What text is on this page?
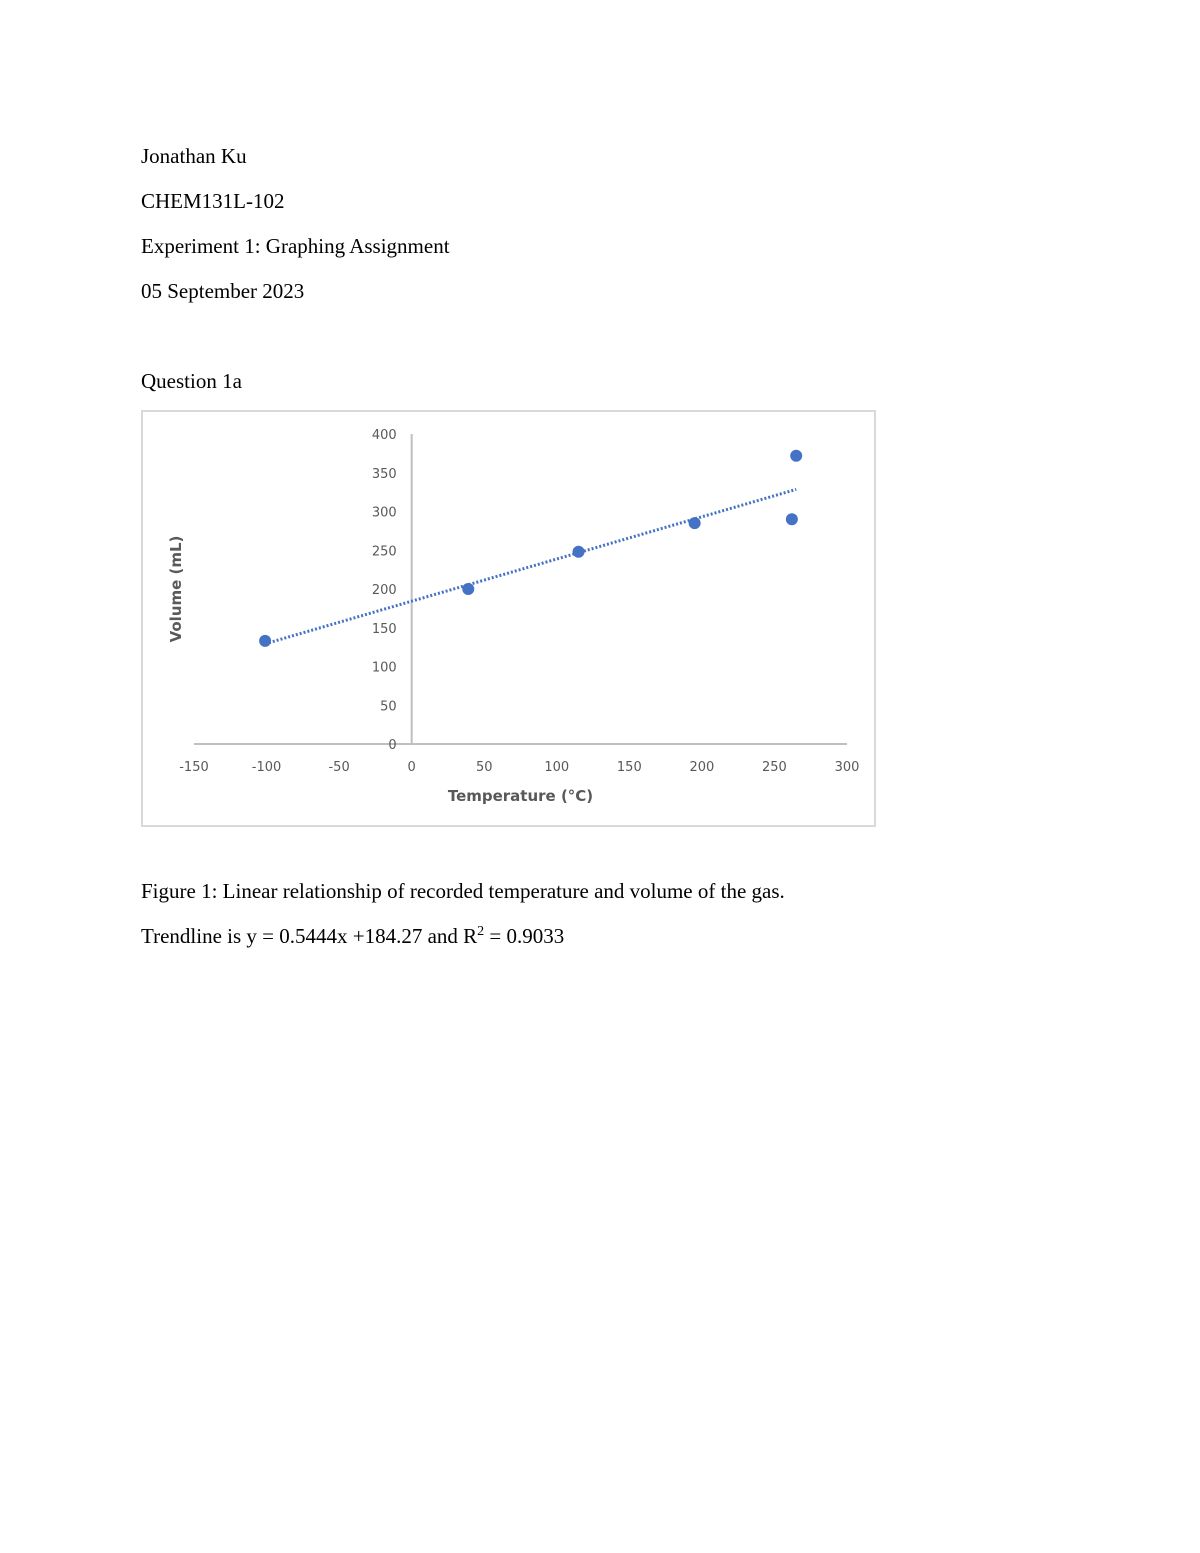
Jonathan Ku
CHEM131L-102
Experiment 1: Graphing Assignment
05 September 2023
Question 1a
-150	-100	-50	0	50	100	150	200	250	300
0
50
100
150
200
250
300
350
400
Temperature (°C)
Volume (mL)
Figure 1: Linear relationship of recorded temperature and volume of the gas.
Trendline is y = 0.5444x +184.27 and $R^2 = 0.9033$
